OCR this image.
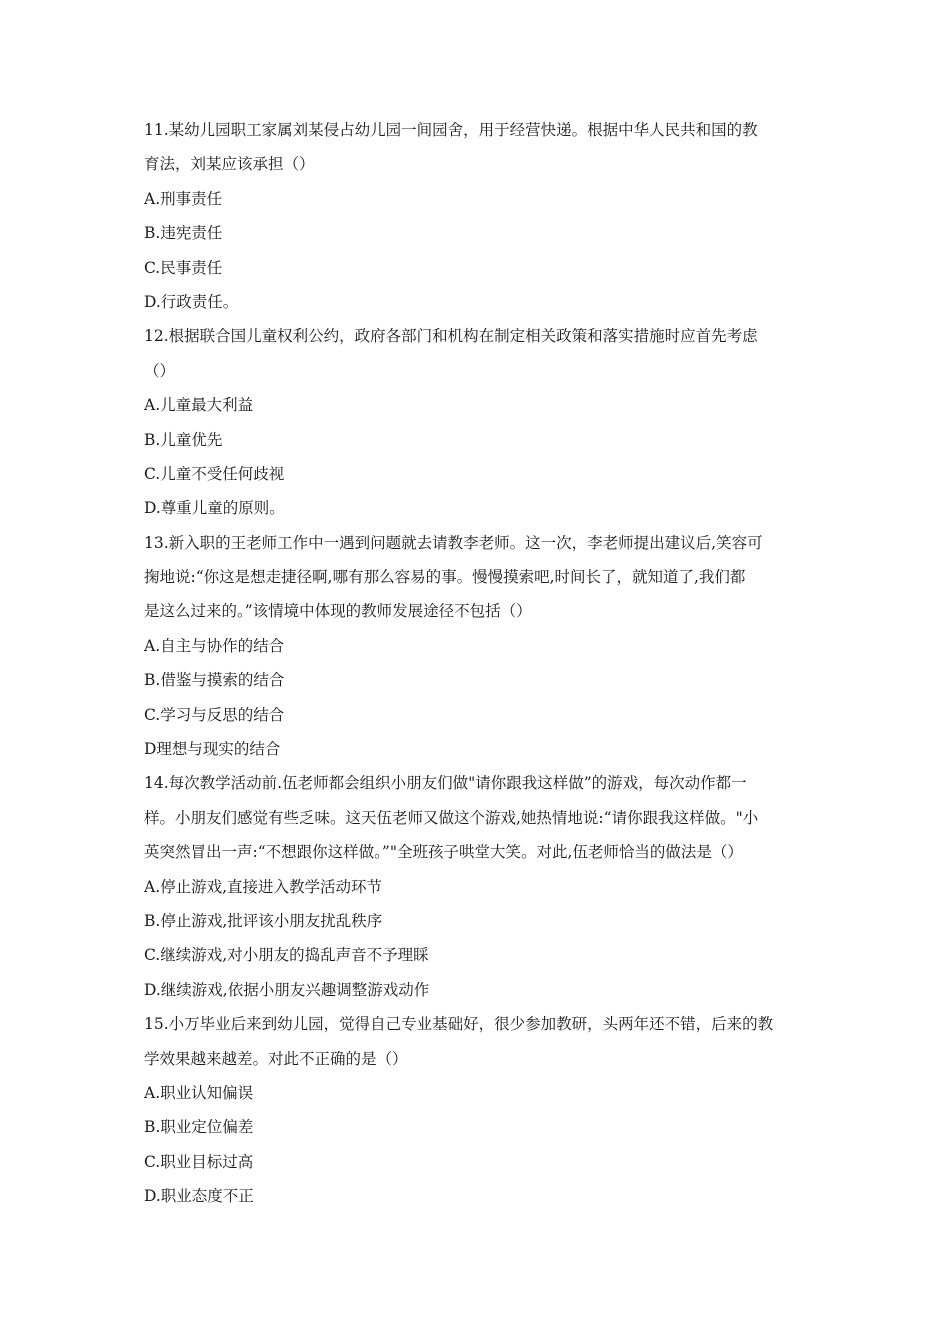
11.某幼儿园职工家属刘某侵占幼儿园一间园舍，用于经营快递。根据中华人民共和国的教
育法，刘某应该承担（）
A.刑事责任
B.违宪责任
C.民事责任
D.行政责任。
12.根据联合国儿童权利公约，政府各部门和机构在制定相关政策和落实措施时应首先考虑
（）
A.儿童最大利益
B.儿童优先
C.儿童不受任何歧视
D.尊重儿童的原则。
13.新入职的王老师工作中一遇到问题就去请教李老师。这一次，李老师提出建议后,笑容可
掬地说:“你这是想走捷径啊,哪有那么容易的事。慢慢摸索吧,时间长了，就知道了,我们都
是这么过来的。”该情境中体现的教师发展途径不包括（）
A.自主与协作的结合
B.借鉴与摸索的结合
C.学习与反思的结合
D理想与现实的结合
14.每次教学活动前.伍老师都会组织小朋友们做"请你跟我这样做”的游戏，每次动作都一
样。小朋友们感觉有些乏味。这天伍老师又做这个游戏,她热情地说:“请你跟我这样做。"小
英突然冒出一声:“不想跟你这样做。”"全班孩子哄堂大笑。对此,伍老师恰当的做法是（）
A.停止游戏,直接进入教学活动环节
B.停止游戏,批评该小朋友扰乱秩序
C.继续游戏,对小朋友的捣乱声音不予理睬
D.继续游戏,依据小朋友兴趣调整游戏动作
15.小万毕业后来到幼儿园，觉得自己专业基础好，很少参加教研，头两年还不错，后来的教
学效果越来越差。对此不正确的是（）
A.职业认知偏误
B.职业定位偏差
C.职业目标过高
D.职业态度不正
